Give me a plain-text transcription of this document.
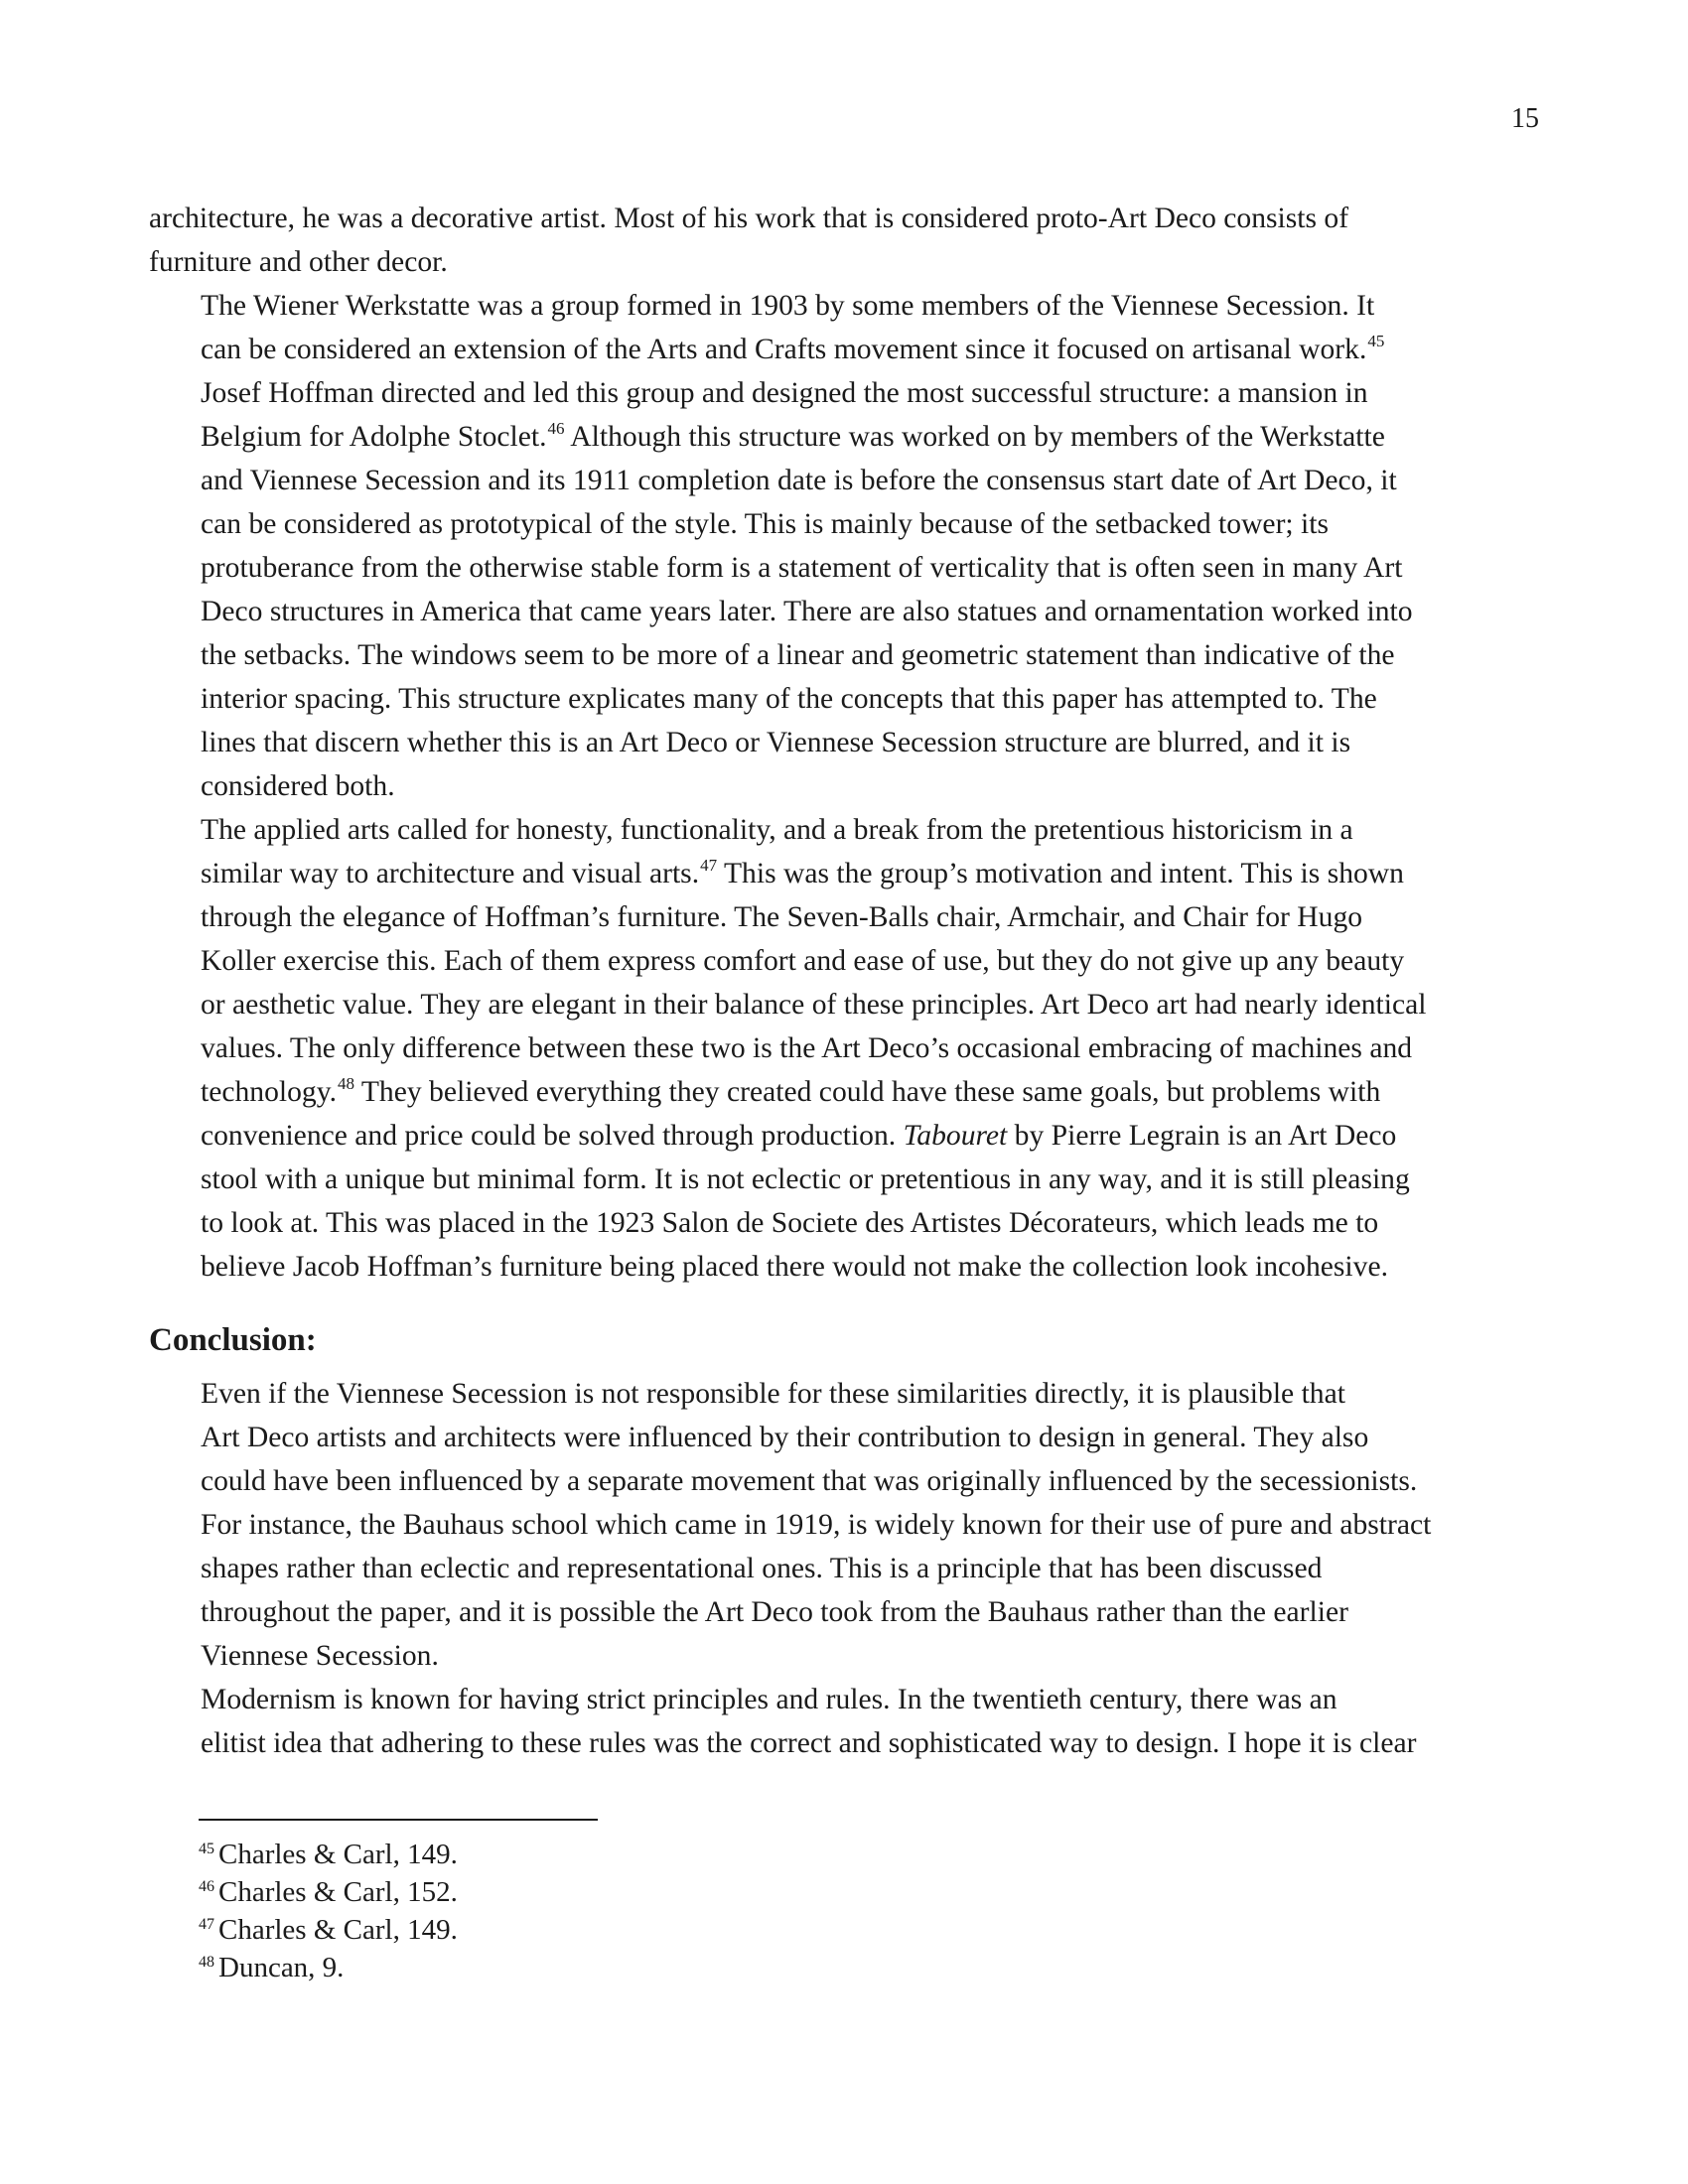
15

architecture, he was a decorative artist. Most of his work that is considered proto-Art Deco consists of
furniture and other decor.

The Wiener Werkstatte was a group formed in 1903 by some members of the Viennese Secession. It
can be considered an extension of the Arts and Crafts movement since it focused on artisanal work.$^{45}$
Josef Hoffman directed and led this group and designed the most successful structure: a mansion in
Belgium for Adolphe Stoclet.$^{46}$ Although this structure was worked on by members of the Werkstatte
and Viennese Secession and its 1911 completion date is before the consensus start date of Art Deco, it
can be considered as prototypical of the style. This is mainly because of the setbacked tower; its
protuberance from the otherwise stable form is a statement of verticality that is often seen in many Art
Deco structures in America that came years later. There are also statues and ornamentation worked into
the setbacks. The windows seem to be more of a linear and geometric statement than indicative of the
interior spacing. This structure explicates many of the concepts that this paper has attempted to. The
lines that discern whether this is an Art Deco or Viennese Secession structure are blurred, and it is
considered both.

The applied arts called for honesty, functionality, and a break from the pretentious historicism in a
similar way to architecture and visual arts.$^{47}$ This was the group’s motivation and intent. This is shown
through the elegance of Hoffman’s furniture. The Seven-Balls chair, Armchair, and Chair for Hugo
Koller exercise this. Each of them express comfort and ease of use, but they do not give up any beauty
or aesthetic value. They are elegant in their balance of these principles. Art Deco art had nearly identical
values. The only difference between these two is the Art Deco’s occasional embracing of machines and
technology.$^{48}$ They believed everything they created could have these same goals, but problems with
convenience and price could be solved through production. Tabouret by Pierre Legrain is an Art Deco
stool with a unique but minimal form. It is not eclectic or pretentious in any way, and it is still pleasing
to look at. This was placed in the 1923 Salon de Societe des Artistes Décorateurs, which leads me to
believe Jacob Hoffman’s furniture being placed there would not make the collection look incohesive.

Conclusion:

Even if the Viennese Secession is not responsible for these similarities directly, it is plausible that
Art Deco artists and architects were influenced by their contribution to design in general. They also
could have been influenced by a separate movement that was originally influenced by the secessionists.
For instance, the Bauhaus school which came in 1919, is widely known for their use of pure and abstract
shapes rather than eclectic and representational ones. This is a principle that has been discussed
throughout the paper, and it is possible the Art Deco took from the Bauhaus rather than the earlier
Viennese Secession.

Modernism is known for having strict principles and rules. In the twentieth century, there was an
elitist idea that adhering to these rules was the correct and sophisticated way to design. I hope it is clear

$^{45}$ Charles & Carl, 149.
$^{46}$ Charles & Carl, 152.
$^{47}$ Charles & Carl, 149.
$^{48}$ Duncan, 9.
